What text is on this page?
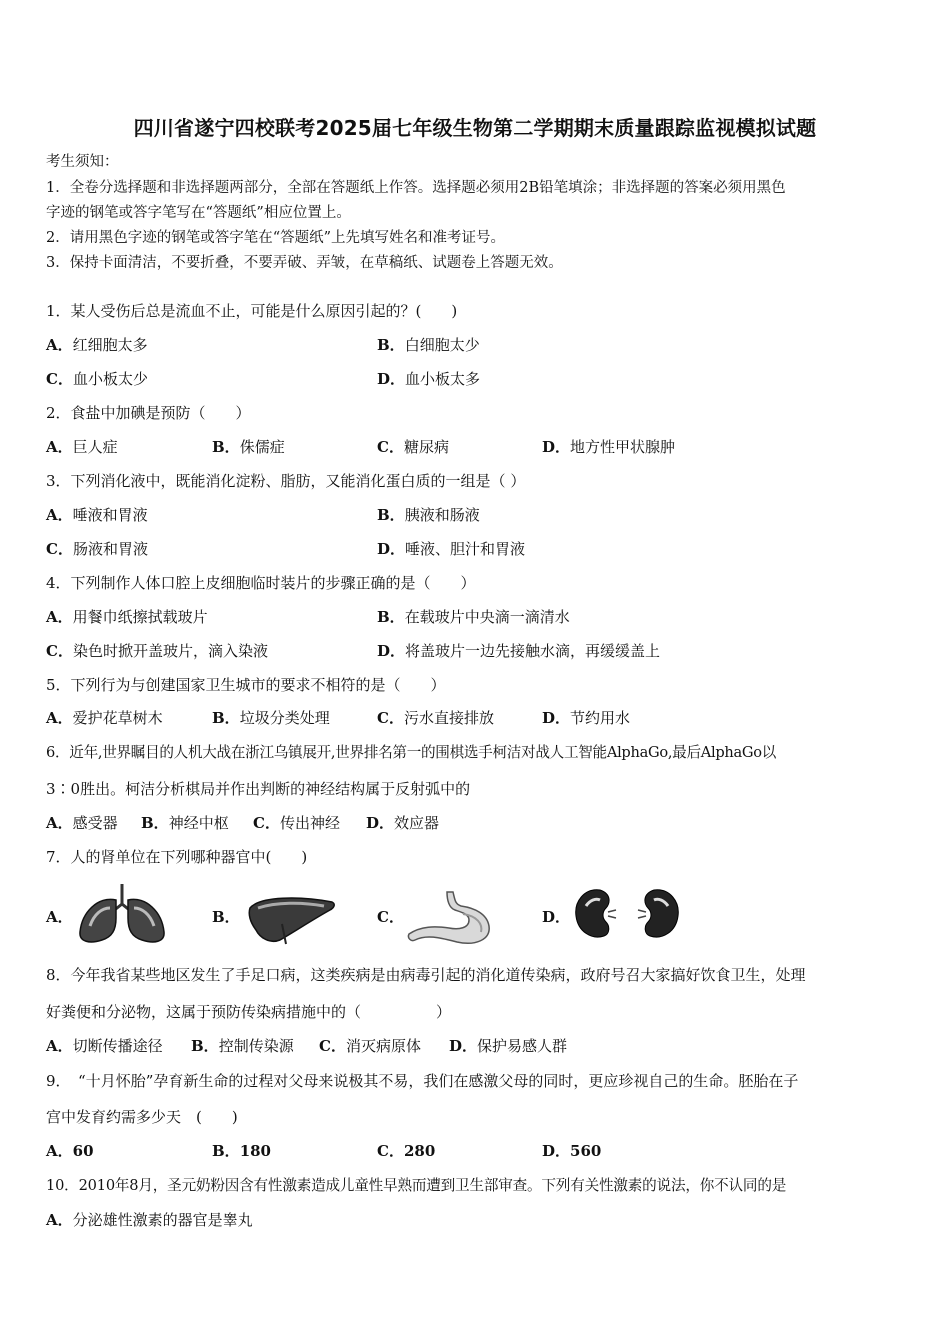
四川省遂宁四校联考2025届七年级生物第二学期期末质量跟踪监视模拟试题
考生须知：
1．全卷分选择题和非选择题两部分，全部在答题纸上作答。选择题必须用2B铅笔填涂；非选择题的答案必须用黑色
字迹的钢笔或答字笔写在“答题纸”相应位置上。
2．请用黑色字迹的钢笔或答字笔在“答题纸”上先填写姓名和准考证号。
3．保持卡面清洁，不要折叠，不要弄破、弄皱，在草稿纸、试题卷上答题无效。
1．某人受伤后总是流血不止，可能是什么原因引起的？(　　)
A．红细胞太多	B．白细胞太少
C．血小板太少	D．血小板太多
2．食盐中加碘是预防（　　）
A．巨人症	B．侏儒症	C．糖尿病	D．地方性甲状腺肿
3．下列消化液中，既能消化淀粉、脂肪，又能消化蛋白质的一组是（ ）
A．唾液和胃液	B．胰液和肠液
C．肠液和胃液	D．唾液、胆汁和胃液
4．下列制作人体口腔上皮细胞临时装片的步骤正确的是（　　）
A．用餐巾纸擦拭载玻片	B．在载玻片中央滴一滴清水
C．染色时掀开盖玻片，滴入染液	D．将盖玻片一边先接触水滴，再缓缓盖上
5．下列行为与创建国家卫生城市的要求不相符的是（　　）
A．爱护花草树木	B．垃圾分类处理	C．污水直接排放	D．节约用水
6．近年,世界瞩目的人机大战在浙江乌镇展开,世界排名第一的围棋选手柯洁对战人工智能AlphaGo,最后AlphaGo以
3∶0胜出。柯洁分析棋局并作出判断的神经结构属于反射弧中的
A．感受器 B．神经中枢 C．传出神经 D．效应器
7．人的肾单位在下列哪种器官中(　　)
A．	B．	C．	D．
8．今年我省某些地区发生了手足口病，这类疾病是由病毒引起的消化道传染病，政府号召大家搞好饮食卫生，处理
好粪便和分泌物，这属于预防传染病措施中的（　　　　　）
A．切断传播途径 B．控制传染源 C．消灭病原体 D．保护易感人群
9．　“十月怀胎”孕育新生命的过程对父母来说极其不易，我们在感激父母的同时，更应珍视自己的生命。胚胎在子
宫中发育约需多少天　(　　)
A．60	B．180	C．280	D．560
10．2010年8月，圣元奶粉因含有性激素造成儿童性早熟而遭到卫生部审查。下列有关性激素的说法，你不认同的是
A．分泌雄性激素的器官是睾丸
